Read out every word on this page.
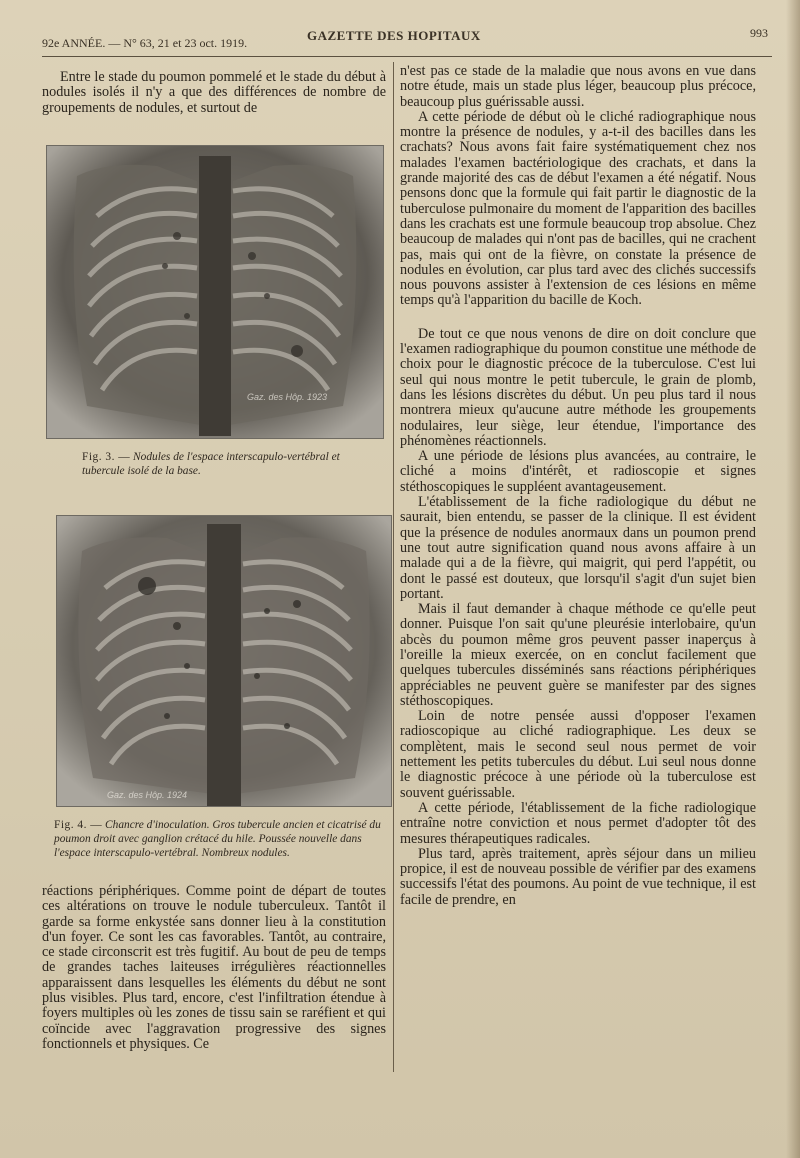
92e ANNÉE. — N° 63, 21 et 23 oct. 1919.	GAZETTE DES HOPITAUX	993

Entre le stade du poumon pommelé et le stade du début à nodules isolés il n'y a que des différences de nombre de groupements de nodules, et surtout de

Gaz. des Hôp. 1923
Fig. 3. — Nodules de l'espace interscapulo-vertébral et tubercule isolé de la base.
Gaz. des Hôp. 1924
Fig. 4. — Chancre d'inoculation. Gros tubercule ancien et cicatrisé du poumon droit avec ganglion crétacé du hile. Poussée nouvelle dans l'espace interscapulo-vertébral. Nombreux nodules.

réactions périphériques. Comme point de départ de toutes ces altérations on trouve le nodule tuberculeux. Tantôt il garde sa forme enkystée sans donner lieu à la constitution d'un foyer. Ce sont les cas favorables. Tantôt, au contraire, ce stade circonscrit est très fugitif. Au bout de peu de temps de grandes taches laiteuses irrégulières réactionnelles apparaissent dans lesquelles les éléments du début ne sont plus visibles. Plus tard, encore, c'est l'infiltration étendue à foyers multiples où les zones de tissu sain se raréfient et qui coïncide avec l'aggravation progressive des signes fonctionnels et physiques. Ce

n'est pas ce stade de la maladie que nous avons en vue dans notre étude, mais un stade plus léger, beaucoup plus précoce, beaucoup plus guérissable aussi.

A cette période de début où le cliché radiographique nous montre la présence de nodules, y a-t-il des bacilles dans les crachats? Nous avons fait faire systématiquement chez nos malades l'examen bactériologique des crachats, et dans la grande majorité des cas de début l'examen a été négatif. Nous pensons donc que la formule qui fait partir le diagnostic de la tuberculose pulmonaire du moment de l'apparition des bacilles dans les crachats est une formule beaucoup trop absolue. Chez beaucoup de malades qui n'ont pas de bacilles, qui ne crachent pas, mais qui ont de la fièvre, on constate la présence de nodules en évolution, car plus tard avec des clichés successifs nous pouvons assister à l'extension de ces lésions en même temps qu'à l'apparition du bacille de Koch.

De tout ce que nous venons de dire on doit conclure que l'examen radiographique du poumon constitue une méthode de choix pour le diagnostic précoce de la tuberculose. C'est lui seul qui nous montre le petit tubercule, le grain de plomb, dans les lésions discrètes du début. Un peu plus tard il nous montrera mieux qu'aucune autre méthode les groupements nodulaires, leur siège, leur étendue, l'importance des phénomènes réactionnels.

A une période de lésions plus avancées, au contraire, le cliché a moins d'intérêt, et radioscopie et signes stéthoscopiques le suppléent avantageusement.

L'établissement de la fiche radiologique du début ne saurait, bien entendu, se passer de la clinique. Il est évident que la présence de nodules anormaux dans un poumon prend une tout autre signification quand nous avons affaire à un malade qui a de la fièvre, qui maigrit, qui perd l'appétit, ou dont le passé est douteux, que lorsqu'il s'agit d'un sujet bien portant.

Mais il faut demander à chaque méthode ce qu'elle peut donner. Puisque l'on sait qu'une pleurésie interlobaire, qu'un abcès du poumon même gros peuvent passer inaperçus à l'oreille la mieux exercée, on en conclut facilement que quelques tubercules disséminés sans réactions périphériques appréciables ne peuvent guère se manifester par des signes stéthoscopiques.

Loin de notre pensée aussi d'opposer l'examen radioscopique au cliché radiographique. Les deux se complètent, mais le second seul nous permet de voir nettement les petits tubercules du début. Lui seul nous donne le diagnostic précoce à une période où la tuberculose est souvent guérissable.

A cette période, l'établissement de la fiche radiologique entraîne notre conviction et nous permet d'adopter tôt des mesures thérapeutiques radicales.

Plus tard, après traitement, après séjour dans un milieu propice, il est de nouveau possible de vérifier par des examens successifs l'état des poumons. Au point de vue technique, il est facile de prendre, en
